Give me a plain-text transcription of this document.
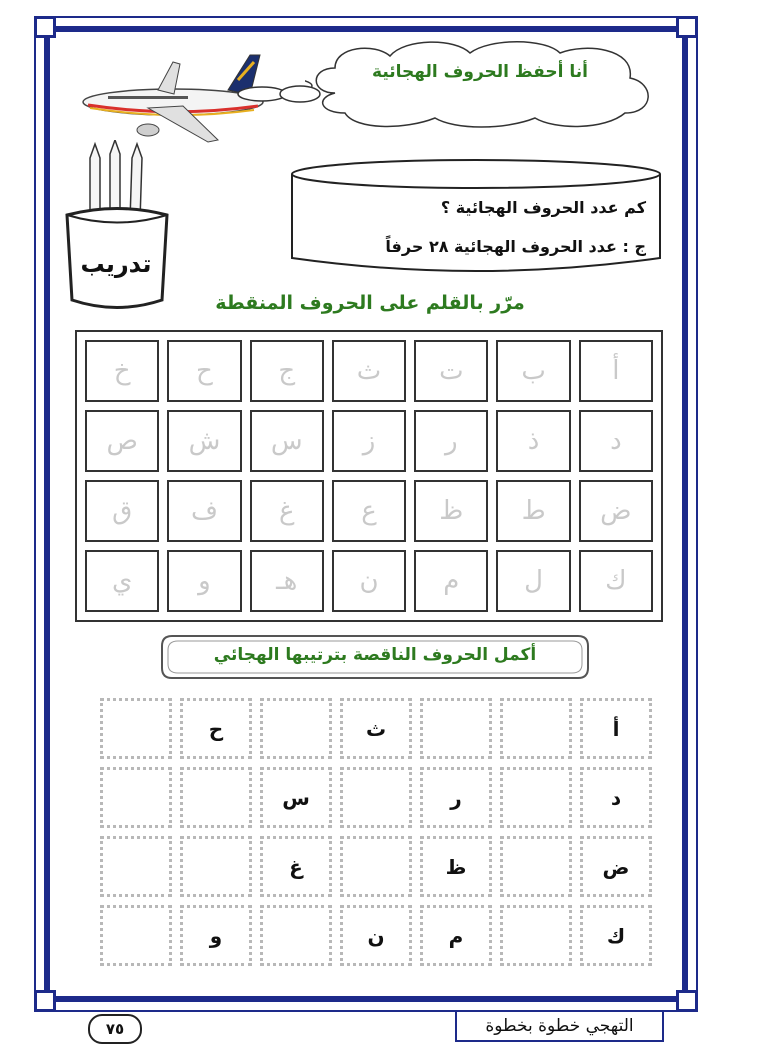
أنا أحفظ الحروف الهجائية
تدريب
كم عدد الحروف الهجائية ؟
ج : عدد الحروف الهجائية ٢٨ حرفاً
مرّر بالقلم على الحروف المنقطة
أ
ب
ت
ث
ج
ح
خ
د
ذ
ر
ز
س
ش
ص
ض
ط
ظ
ع
غ
ف
ق
ك
ل
م
ن
هـ
و
ي
أكمل الحروف الناقصة بترتيبها الهجائي
أ
ث
ح
د
ر
س
ض
ظ
غ
ك
م
ن
و
٧٥	التهجي خطوة بخطوة
